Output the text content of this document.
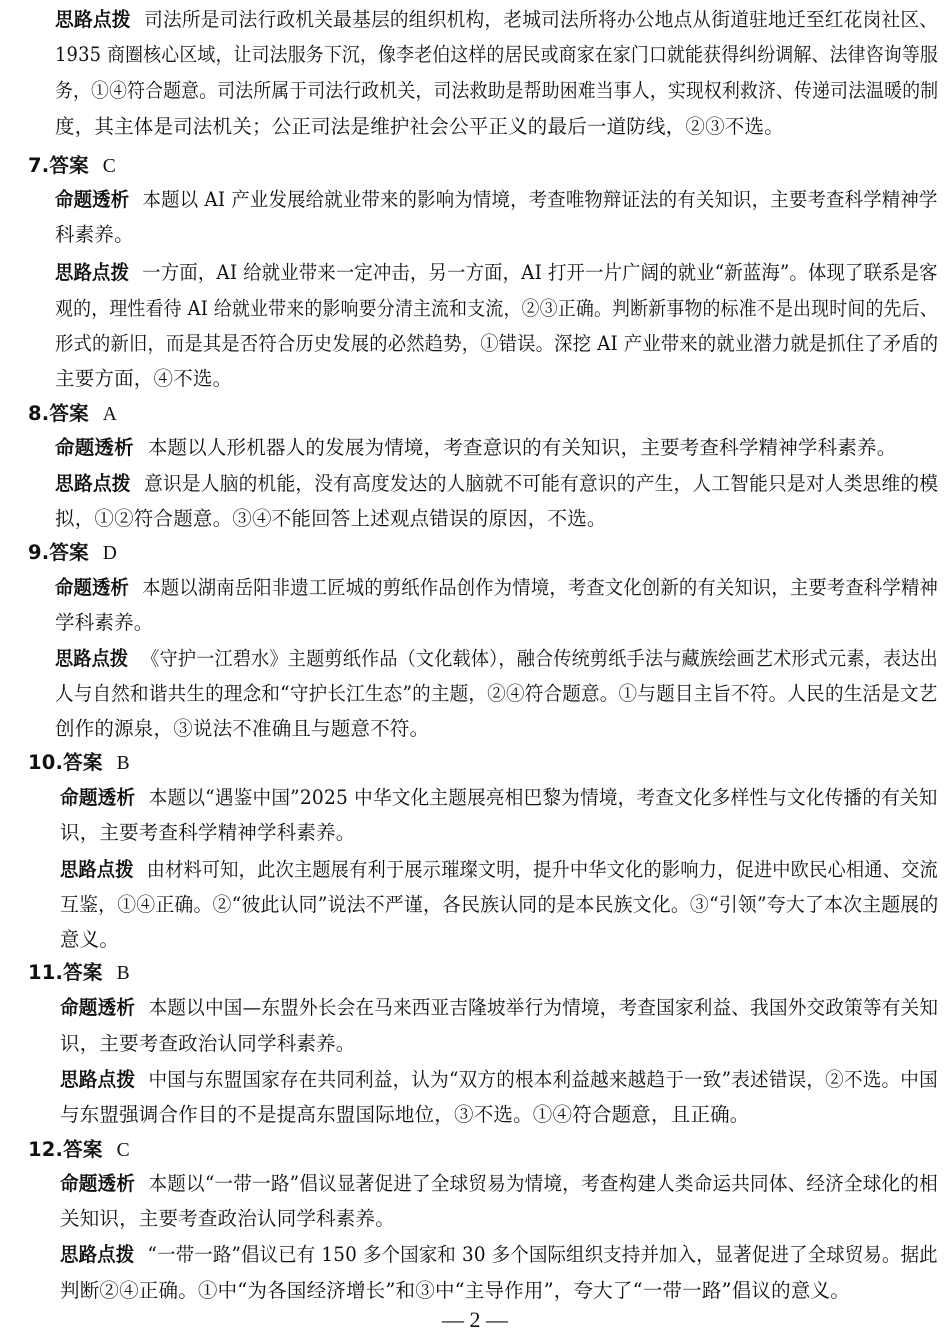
思路点拨 司法所是司法行政机关最基层的组织机构，老城司法所将办公地点从街道驻地迁至红花岗社区、
1935 商圈核心区域，让司法服务下沉，像李老伯这样的居民或商家在家门口就能获得纠纷调解、法律咨询等服
务，①④符合题意。司法所属于司法行政机关，司法救助是帮助困难当事人，实现权利救济、传递司法温暖的制
度，其主体是司法机关；公正司法是维护社会公平正义的最后一道防线，②③不选。
7.答案 C
命题透析 本题以 AI 产业发展给就业带来的影响为情境，考查唯物辩证法的有关知识，主要考查科学精神学
科素养。
思路点拨 一方面，AI 给就业带来一定冲击，另一方面，AI 打开一片广阔的就业“新蓝海”。体现了联系是客
观的，理性看待 AI 给就业带来的影响要分清主流和支流，②③正确。判断新事物的标准不是出现时间的先后、
形式的新旧，而是其是否符合历史发展的必然趋势，①错误。深挖 AI 产业带来的就业潜力就是抓住了矛盾的
主要方面，④不选。
8.答案 A
命题透析 本题以人形机器人的发展为情境，考查意识的有关知识，主要考查科学精神学科素养。
思路点拨 意识是人脑的机能，没有高度发达的人脑就不可能有意识的产生，人工智能只是对人类思维的模
拟，①②符合题意。③④不能回答上述观点错误的原因，不选。
9.答案 D
命题透析 本题以湖南岳阳非遗工匠城的剪纸作品创作为情境，考查文化创新的有关知识，主要考查科学精神
学科素养。
思路点拨 《守护一江碧水》主题剪纸作品（文化载体），融合传统剪纸手法与藏族绘画艺术形式元素，表达出
人与自然和谐共生的理念和“守护长江生态”的主题，②④符合题意。①与题目主旨不符。人民的生活是文艺
创作的源泉，③说法不准确且与题意不符。
10.答案 B
命题透析 本题以“遇鉴中国”2025 中华文化主题展亮相巴黎为情境，考查文化多样性与文化传播的有关知
识，主要考查科学精神学科素养。
思路点拨 由材料可知，此次主题展有利于展示璀璨文明，提升中华文化的影响力，促进中欧民心相通、交流
互鉴，①④正确。②“彼此认同”说法不严谨，各民族认同的是本民族文化。③“引领”夸大了本次主题展的
意义。
11.答案 B
命题透析 本题以中国—东盟外长会在马来西亚吉隆坡举行为情境，考查国家利益、我国外交政策等有关知
识，主要考查政治认同学科素养。
思路点拨 中国与东盟国家存在共同利益，认为“双方的根本利益越来越趋于一致”表述错误，②不选。中国
与东盟强调合作目的不是提高东盟国际地位，③不选。①④符合题意，且正确。
12.答案 C
命题透析 本题以“一带一路”倡议显著促进了全球贸易为情境，考查构建人类命运共同体、经济全球化的相
关知识，主要考查政治认同学科素养。
思路点拨 “一带一路”倡议已有 150 多个国家和 30 多个国际组织支持并加入，显著促进了全球贸易。据此
判断②④正确。①中“为各国经济增长”和③中“主导作用”，夸大了“一带一路”倡议的意义。
— 2 —
